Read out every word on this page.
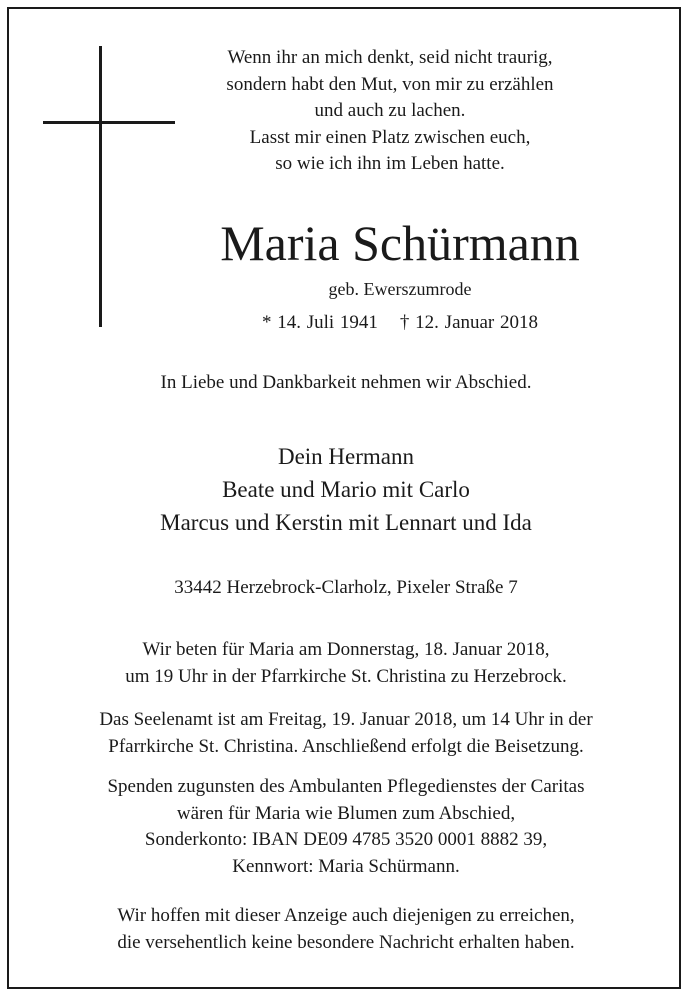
Wenn ihr an mich denkt, seid nicht traurig,
sondern habt den Mut, von mir zu erzählen
und auch zu lachen.
Lasst mir einen Platz zwischen euch,
so wie ich ihn im Leben hatte.
Maria Schürmann
geb. Ewerszumrode
* 14. Juli 1941 † 12. Januar 2018
In Liebe und Dankbarkeit nehmen wir Abschied.
Dein Hermann
Beate und Mario mit Carlo
Marcus und Kerstin mit Lennart und Ida
33442 Herzebrock-Clarholz, Pixeler Straße 7
Wir beten für Maria am Donnerstag, 18. Januar 2018,
um 19 Uhr in der Pfarrkirche St. Christina zu Herzebrock.
Das Seelenamt ist am Freitag, 19. Januar 2018, um 14 Uhr in der
Pfarrkirche St. Christina. Anschließend erfolgt die Beisetzung.
Spenden zugunsten des Ambulanten Pflegedienstes der Caritas
wären für Maria wie Blumen zum Abschied,
Sonderkonto: IBAN DE09 4785 3520 0001 8882 39,
Kennwort: Maria Schürmann.
Wir hoffen mit dieser Anzeige auch diejenigen zu erreichen,
die versehentlich keine besondere Nachricht erhalten haben.
